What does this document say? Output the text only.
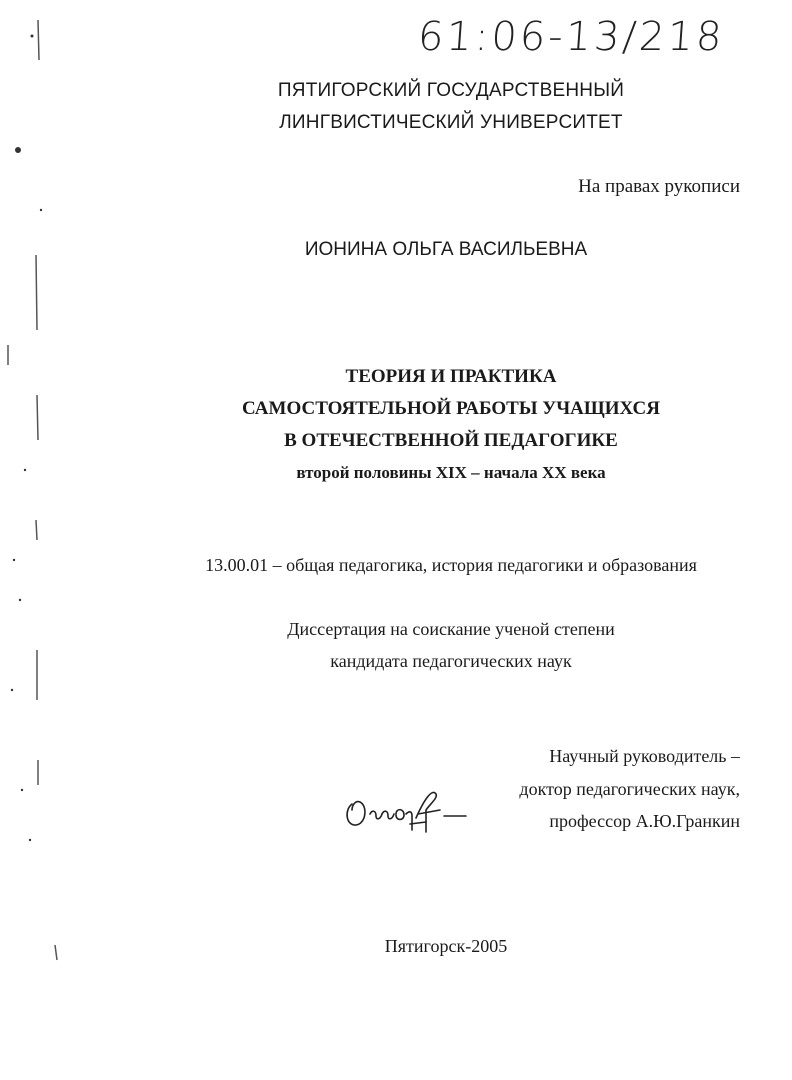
61:06-13/218
ПЯТИГОРСКИЙ ГОСУДАРСТВЕННЫЙ
ЛИНГВИСТИЧЕСКИЙ УНИВЕРСИТЕТ
На правах рукописи
ИОНИНА ОЛЬГА ВАСИЛЬЕВНА
ТЕОРИЯ И ПРАКТИКА
САМОСТОЯТЕЛЬНОЙ РАБОТЫ УЧАЩИХСЯ
В ОТЕЧЕСТВЕННОЙ ПЕДАГОГИКЕ
второй половины XIX – начала XX века
13.00.01 – общая педагогика, история педагогики и образования
Диссертация на соискание ученой степени
кандидата педагогических наук
Научный руководитель –
доктор педагогических наук,
профессор А.Ю.Гранкин
Пятигорск-2005
